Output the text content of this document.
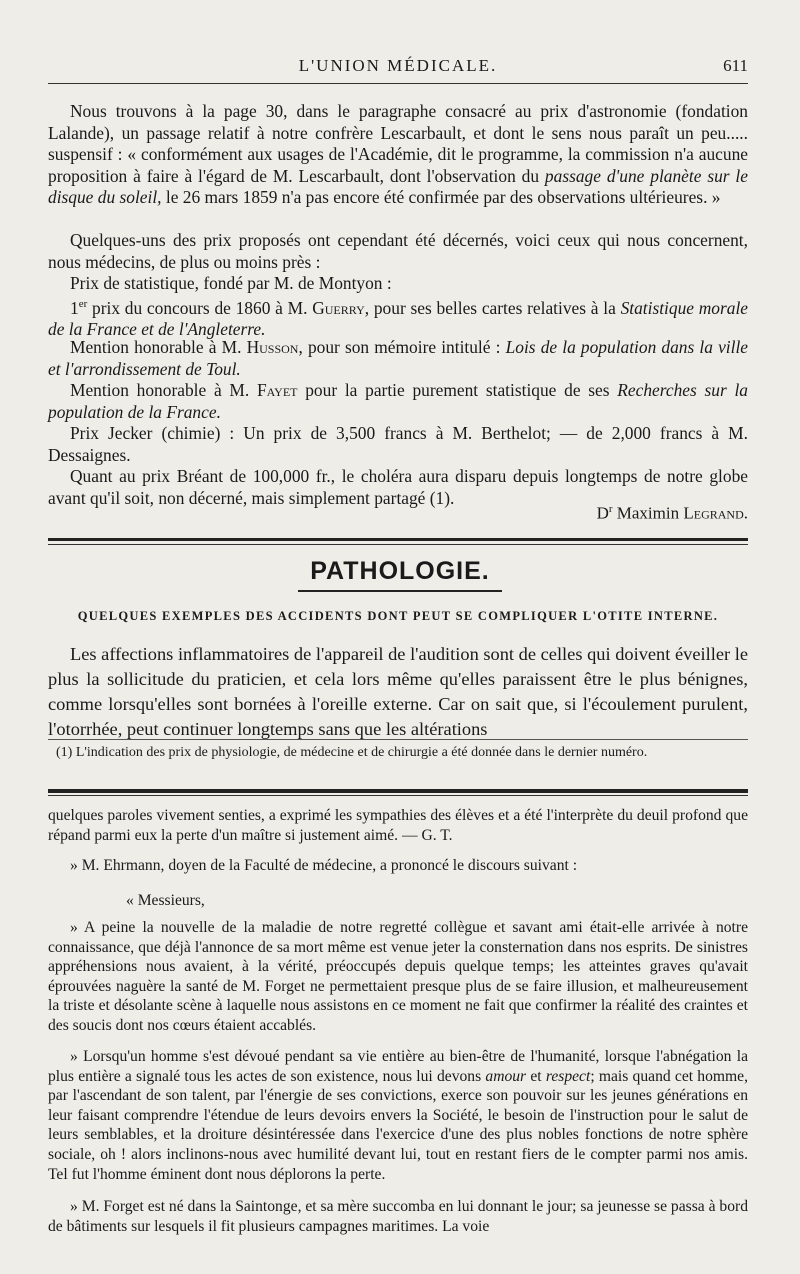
L'UNION MÉDICALE.	611

Nous trouvons à la page 30, dans le paragraphe consacré au prix d'astronomie (fondation Lalande), un passage relatif à notre confrère Lescarbault, et dont le sens nous paraît un peu..... suspensif : « conformément aux usages de l'Académie, dit le programme, la commission n'a aucune proposition à faire à l'égard de M. Lescarbault, dont l'observation du passage d'une planète sur le disque du soleil, le 26 mars 1859 n'a pas encore été confirmée par des observations ultérieures. »

Quelques-uns des prix proposés ont cependant été décernés, voici ceux qui nous concernent, nous médecins, de plus ou moins près :

Prix de statistique, fondé par M. de Montyon :

1er prix du concours de 1860 à M. Guerry, pour ses belles cartes relatives à la Statistique morale de la France et de l'Angleterre.

Mention honorable à M. Husson, pour son mémoire intitulé : Lois de la population dans la ville et l'arrondissement de Toul.

Mention honorable à M. Fayet pour la partie purement statistique de ses Recherches sur la population de la France.

Prix Jecker (chimie) : Un prix de 3,500 francs à M. Berthelot; — de 2,000 francs à M. Dessaignes.

Quant au prix Bréant de 100,000 fr., le choléra aura disparu depuis longtemps de notre globe avant qu'il soit, non décerné, mais simplement partagé (1).

$D^r$ Maximin Legrand.
PATHOLOGIE.
QUELQUES EXEMPLES DES ACCIDENTS DONT PEUT SE COMPLIQUER L'OTITE INTERNE.

Les affections inflammatoires de l'appareil de l'audition sont de celles qui doivent éveiller le plus la sollicitude du praticien, et cela lors même qu'elles paraissent être le plus bénignes, comme lorsqu'elles sont bornées à l'oreille externe. Car on sait que, si l'écoulement purulent, l'otorrhée, peut continuer longtemps sans que les altérations

(1) L'indication des prix de physiologie, de médecine et de chirurgie a été donnée dans le dernier numéro.

quelques paroles vivement senties, a exprimé les sympathies des élèves et a été l'interprète du deuil profond que répand parmi eux la perte d'un maître si justement aimé. — G. T.

» M. Ehrmann, doyen de la Faculté de médecine, a prononcé le discours suivant :

« Messieurs,

» A peine la nouvelle de la maladie de notre regretté collègue et savant ami était-elle arrivée à notre connaissance, que déjà l'annonce de sa mort même est venue jeter la consternation dans nos esprits. De sinistres appréhensions nous avaient, à la vérité, préoccupés depuis quelque temps; les atteintes graves qu'avait éprouvées naguère la santé de M. Forget ne permettaient presque plus de se faire illusion, et malheureusement la triste et désolante scène à laquelle nous assistons en ce moment ne fait que confirmer la réalité des craintes et des soucis dont nos cœurs étaient accablés.

» Lorsqu'un homme s'est dévoué pendant sa vie entière au bien-être de l'humanité, lorsque l'abnégation la plus entière a signalé tous les actes de son existence, nous lui devons amour et respect; mais quand cet homme, par l'ascendant de son talent, par l'énergie de ses convictions, exerce son pouvoir sur les jeunes générations en leur faisant comprendre l'étendue de leurs devoirs envers la Société, le besoin de l'instruction pour le salut de leurs semblables, et la droiture désintéressée dans l'exercice d'une des plus nobles fonctions de notre sphère sociale, oh ! alors inclinons-nous avec humilité devant lui, tout en restant fiers de le compter parmi nos amis. Tel fut l'homme éminent dont nous déplorons la perte.

» M. Forget est né dans la Saintonge, et sa mère succomba en lui donnant le jour; sa jeunesse se passa à bord de bâtiments sur lesquels il fit plusieurs campagnes maritimes. La voie
